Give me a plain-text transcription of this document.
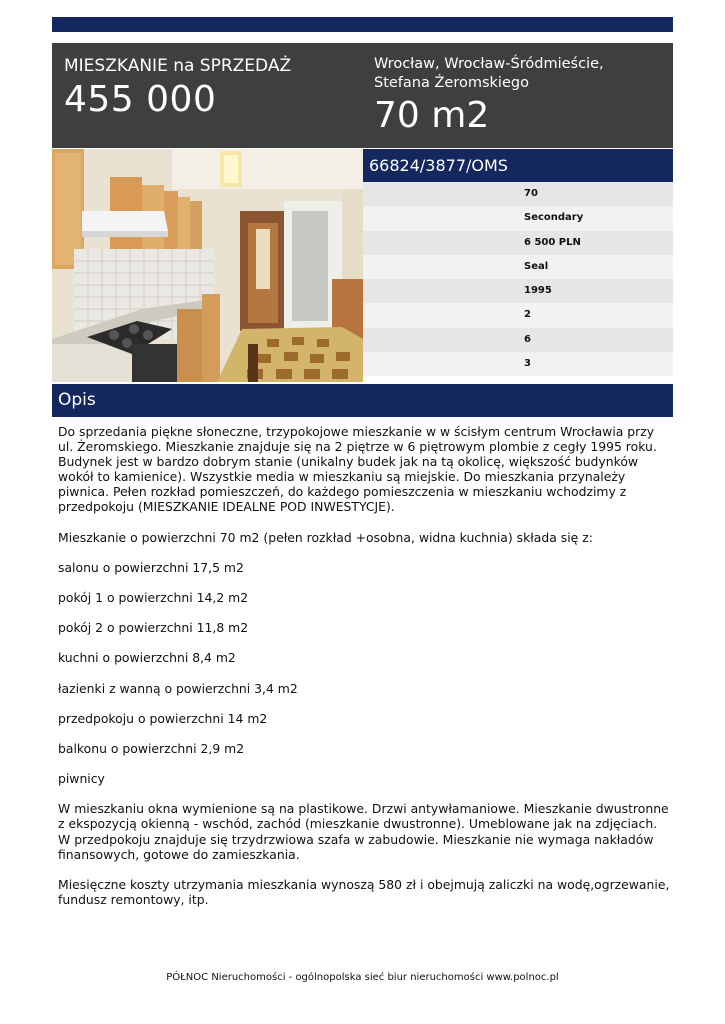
MIESZKANIE na SPRZEDAŻ
455 000
Wrocław, Wrocław-Śródmieście, Stefana Żeromskiego
70 m2
66824/3877/OMS
70
Secondary
6 500 PLN
Seal
1995
2
6
3
Opis

Do sprzedania piękne słoneczne, trzypokojowe mieszkanie w w ścisłym centrum Wrocławia przy ul. Żeromskiego. Mieszkanie znajduje się na 2 piętrze w 6 piętrowym plombie z cegły 1995 roku. Budynek jest w bardzo dobrym stanie (unikalny budek jak na tą okolicę, większość budynków wokół to kamienice). Wszystkie media w mieszkaniu są miejskie. Do mieszkania przynależy piwnica. Pełen rozkład pomieszczeń, do każdego pomieszczenia w mieszkaniu wchodzimy z przedpokoju (MIESZKANIE IDEALNE POD INWESTYCJE).

Mieszkanie o powierzchni 70 m2 (pełen rozkład +osobna, widna kuchnia) składa się z:

salonu o powierzchni 17,5 m2

pokój 1 o powierzchni 14,2 m2

pokój 2 o powierzchni 11,8 m2

kuchni o powierzchni 8,4 m2

łazienki z wanną o powierzchni 3,4 m2

przedpokoju o powierzchni 14 m2

balkonu o powierzchni 2,9 m2

piwnicy

W mieszkaniu okna wymienione są na plastikowe. Drzwi antywłamaniowe. Mieszkanie dwustronne z ekspozycją okienną - wschód, zachód (mieszkanie dwustronne). Umeblowane jak na zdjęciach. W przedpokoju znajduje się trzydrzwiowa szafa w zabudowie. Mieszkanie nie wymaga nakładów finansowych, gotowe do zamieszkania.

Miesięczne koszty utrzymania mieszkania wynoszą 580 zł i obejmują zaliczki na wodę,ogrzewanie, fundusz remontowy, itp.

PÓŁNOC Nieruchomości - ogólnopolska sieć biur nieruchomości www.polnoc.pl
